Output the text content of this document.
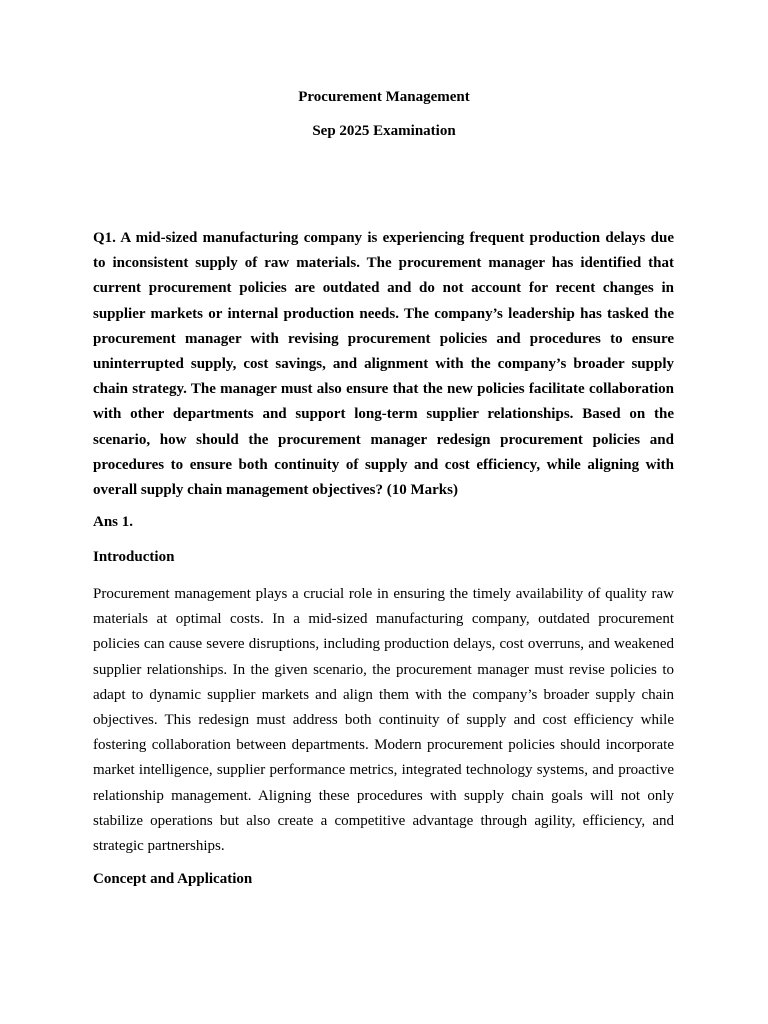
Procurement Management
Sep 2025 Examination

Q1. A mid-sized manufacturing company is experiencing frequent production delays due to inconsistent supply of raw materials. The procurement manager has identified that current procurement policies are outdated and do not account for recent changes in supplier markets or internal production needs. The company’s leadership has tasked the procurement manager with revising procurement policies and procedures to ensure uninterrupted supply, cost savings, and alignment with the company’s broader supply chain strategy. The manager must also ensure that the new policies facilitate collaboration with other departments and support long-term supplier relationships. Based on the scenario, how should the procurement manager redesign procurement policies and procedures to ensure both continuity of supply and cost efficiency, while aligning with overall supply chain management objectives? (10 Marks)

Ans 1.

Introduction

Procurement management plays a crucial role in ensuring the timely availability of quality raw materials at optimal costs. In a mid-sized manufacturing company, outdated procurement policies can cause severe disruptions, including production delays, cost overruns, and weakened supplier relationships. In the given scenario, the procurement manager must revise policies to adapt to dynamic supplier markets and align them with the company’s broader supply chain objectives. This redesign must address both continuity of supply and cost efficiency while fostering collaboration between departments. Modern procurement policies should incorporate market intelligence, supplier performance metrics, integrated technology systems, and proactive relationship management. Aligning these procedures with supply chain goals will not only stabilize operations but also create a competitive advantage through agility, efficiency, and strategic partnerships.

Concept and Application
